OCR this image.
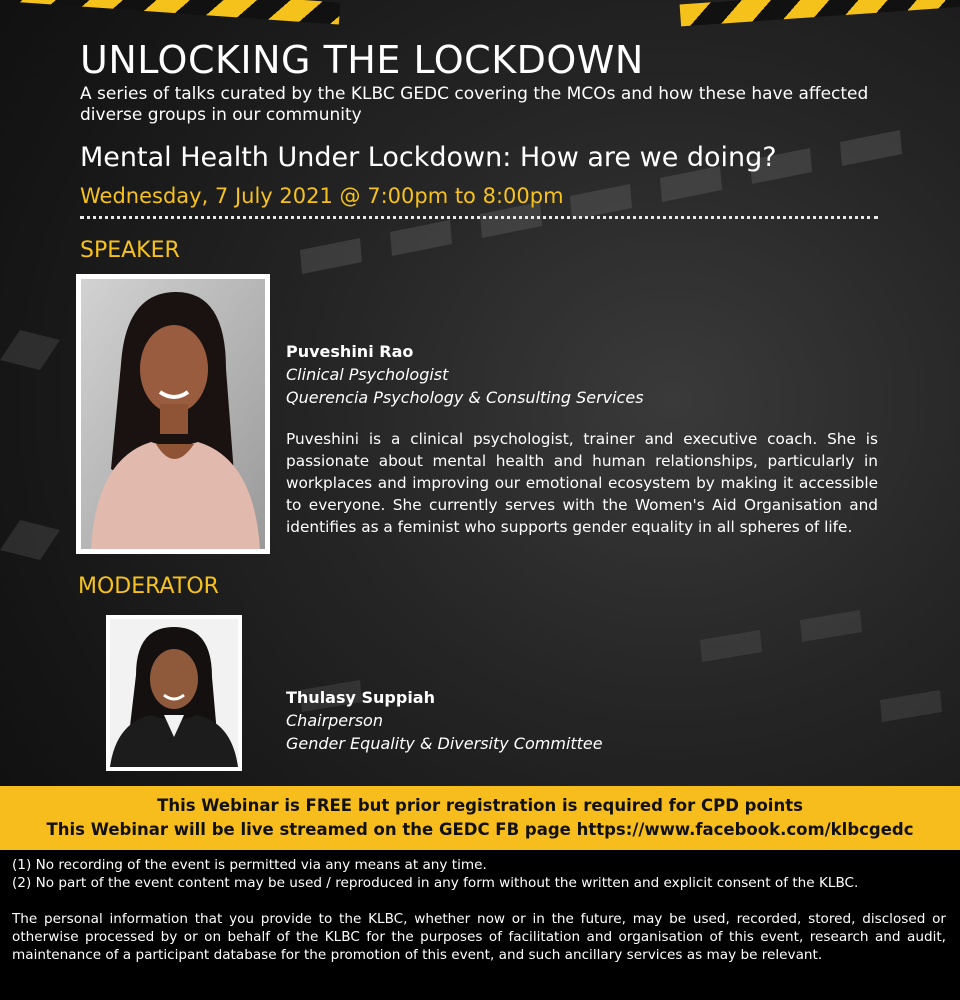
UNLOCKING THE LOCKDOWN
A series of talks curated by the KLBC GEDC covering the MCOs and how these have affected diverse groups in our community
Mental Health Under Lockdown: How are we doing?
Wednesday, 7 July 2021 @ 7:00pm to 8:00pm
SPEAKER
Puveshini Rao
Clinical Psychologist
Querencia Psychology & Consulting Services
Puveshini is a clinical psychologist, trainer and executive coach. She is passionate about mental health and human relationships, particularly in workplaces and improving our emotional ecosystem by making it accessible to everyone. She currently serves with the Women's Aid Organisation and identifies as a feminist who supports gender equality in all spheres of life.
MODERATOR
Thulasy Suppiah
Chairperson
Gender Equality & Diversity Committee
This Webinar is FREE but prior registration is required for CPD points
This Webinar will be live streamed on the GEDC FB page https://www.facebook.com/klbcgedc
(1) No recording of the event is permitted via any means at any time.
(2) No part of the event content may be used / reproduced in any form without the written and explicit consent of the KLBC.
The personal information that you provide to the KLBC, whether now or in the future, may be used, recorded, stored, disclosed or otherwise processed by or on behalf of the KLBC for the purposes of facilitation and organisation of this event, research and audit, maintenance of a participant database for the promotion of this event, and such ancillary services as may be relevant.
